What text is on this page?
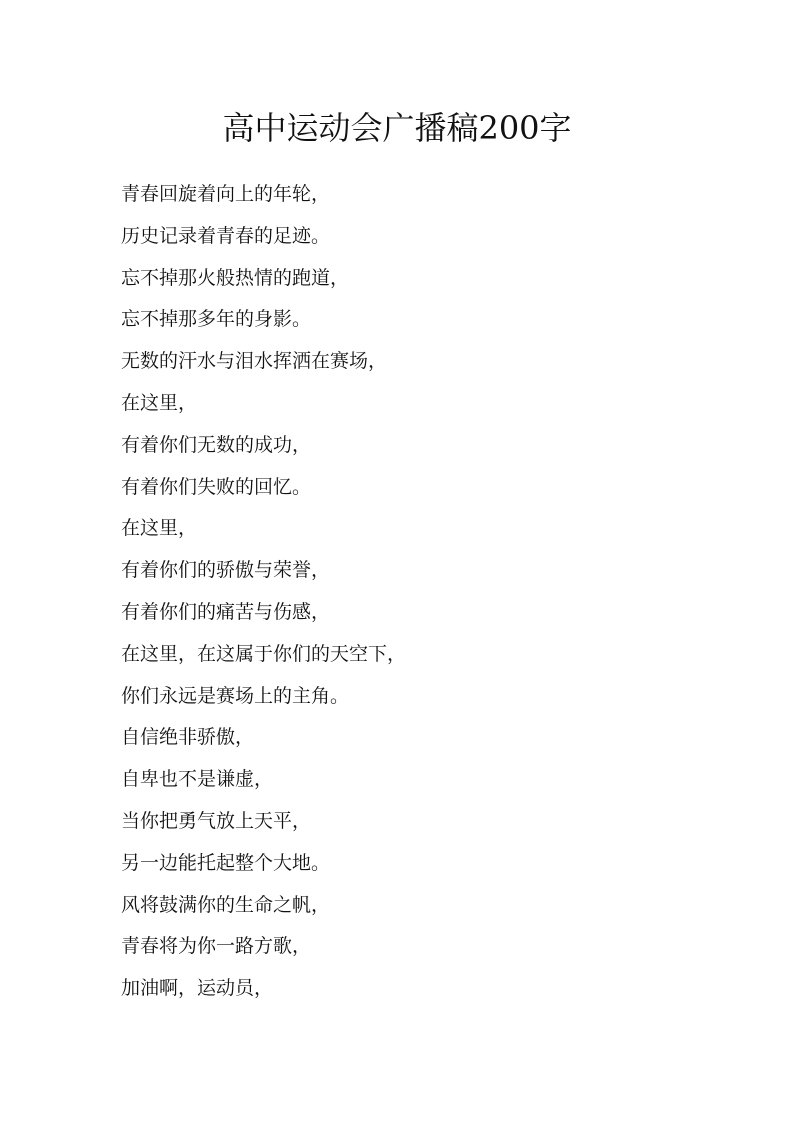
高中运动会广播稿200字
青春回旋着向上的年轮，
历史记录着青春的足迹。
忘不掉那火般热情的跑道，
忘不掉那多年的身影。
无数的汗水与泪水挥洒在赛场，
在这里，
有着你们无数的成功，
有着你们失败的回忆。
在这里，
有着你们的骄傲与荣誉，
有着你们的痛苦与伤感，
在这里，在这属于你们的天空下，
你们永远是赛场上的主角。
自信绝非骄傲，
自卑也不是谦虚，
当你把勇气放上天平，
另一边能托起整个大地。
风将鼓满你的生命之帆，
青春将为你一路方歌，
加油啊，运动员，
